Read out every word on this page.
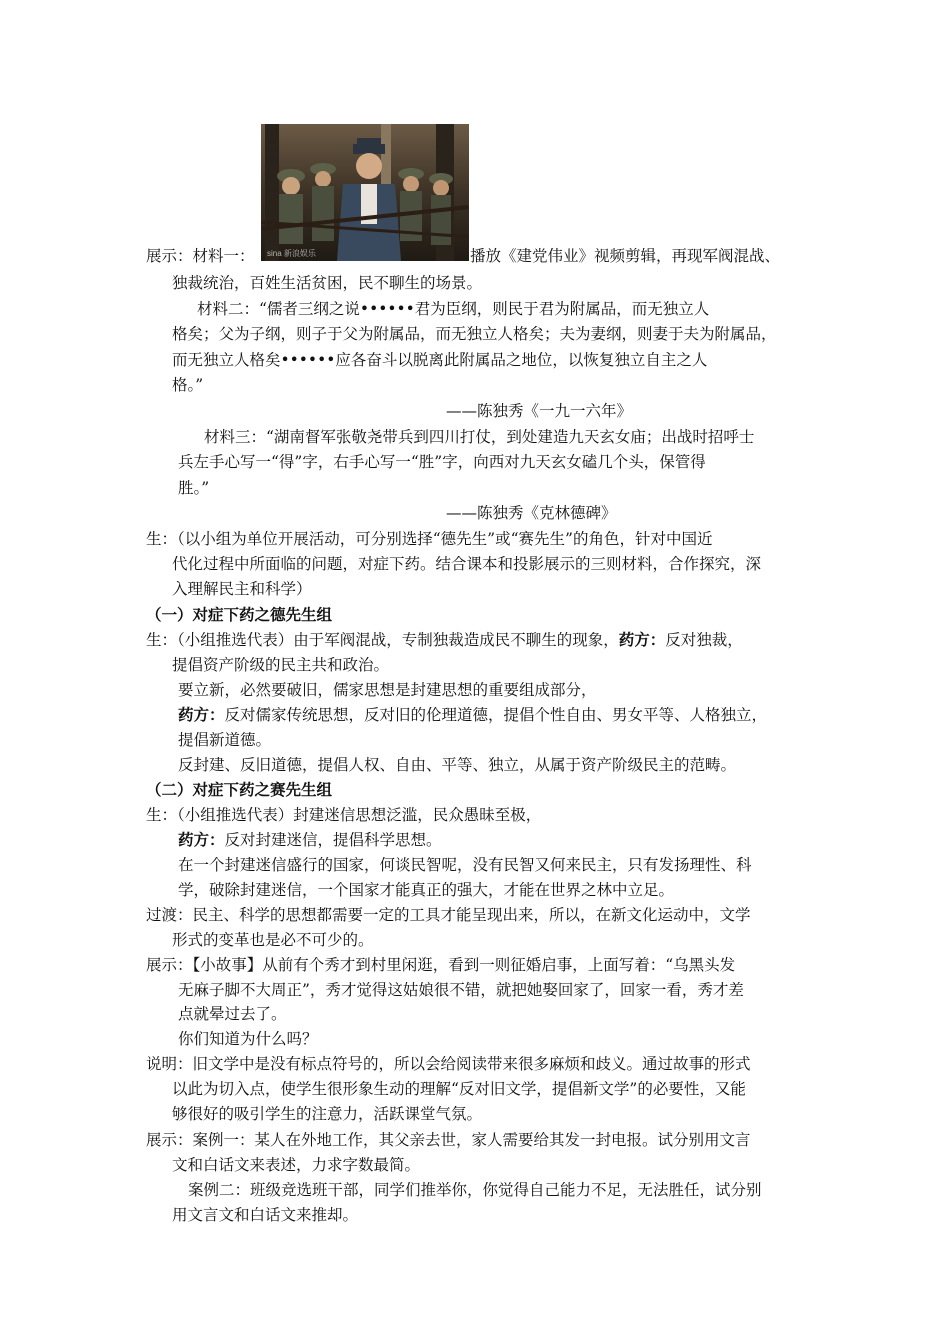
展示：材料一： sina 新浪娱乐	播放《建党伟业》视频剪辑，再现军阀混战、
独裁统治，百姓生活贫困，民不聊生的场景。
材料二：“儒者三纲之说••••••君为臣纲，则民于君为附属品，而无独立人
格矣；父为子纲，则子于父为附属品，而无独立人格矣；夫为妻纲，则妻于夫为附属品，
而无独立人格矣••••••应各奋斗以脱离此附属品之地位，以恢复独立自主之人
格。”
——陈独秀《一九一六年》
材料三：“湖南督军张敬尧带兵到四川打仗，到处建造九天玄女庙；出战时招呼士
兵左手心写一“得”字，右手心写一“胜”字，向西对九天玄女磕几个头，保管得
胜。”
——陈独秀《克林德碑》
生：（以小组为单位开展活动，可分别选择“德先生”或“赛先生”的角色，针对中国近
代化过程中所面临的问题，对症下药。结合课本和投影展示的三则材料，合作探究，深
入理解民主和科学）
（一）对症下药之德先生组
生：（小组推选代表）由于军阀混战，专制独裁造成民不聊生的现象，药方：反对独裁，
提倡资产阶级的民主共和政治。
要立新，必然要破旧，儒家思想是封建思想的重要组成部分，
药方：反对儒家传统思想，反对旧的伦理道德，提倡个性自由、男女平等、人格独立，
提倡新道德。
反封建、反旧道德，提倡人权、自由、平等、独立，从属于资产阶级民主的范畴。
（二）对症下药之赛先生组
生：（小组推选代表）封建迷信思想泛滥，民众愚昧至极，
药方：反对封建迷信，提倡科学思想。
在一个封建迷信盛行的国家，何谈民智呢，没有民智又何来民主，只有发扬理性、科
学，破除封建迷信，一个国家才能真正的强大，才能在世界之林中立足。
过渡：民主、科学的思想都需要一定的工具才能呈现出来，所以，在新文化运动中，文学
形式的变革也是必不可少的。
展示：【小故事】从前有个秀才到村里闲逛，看到一则征婚启事，上面写着：“乌黑头发
无麻子脚不大周正”，秀才觉得这姑娘很不错，就把她娶回家了，回家一看，秀才差
点就晕过去了。
你们知道为什么吗？
说明：旧文学中是没有标点符号的，所以会给阅读带来很多麻烦和歧义。通过故事的形式
以此为切入点，使学生很形象生动的理解“反对旧文学，提倡新文学”的必要性，又能
够很好的吸引学生的注意力，活跃课堂气氛。
展示：案例一：某人在外地工作，其父亲去世，家人需要给其发一封电报。试分别用文言
文和白话文来表述，力求字数最简。
案例二：班级竞选班干部，同学们推举你，你觉得自己能力不足，无法胜任，试分别
用文言文和白话文来推却。
